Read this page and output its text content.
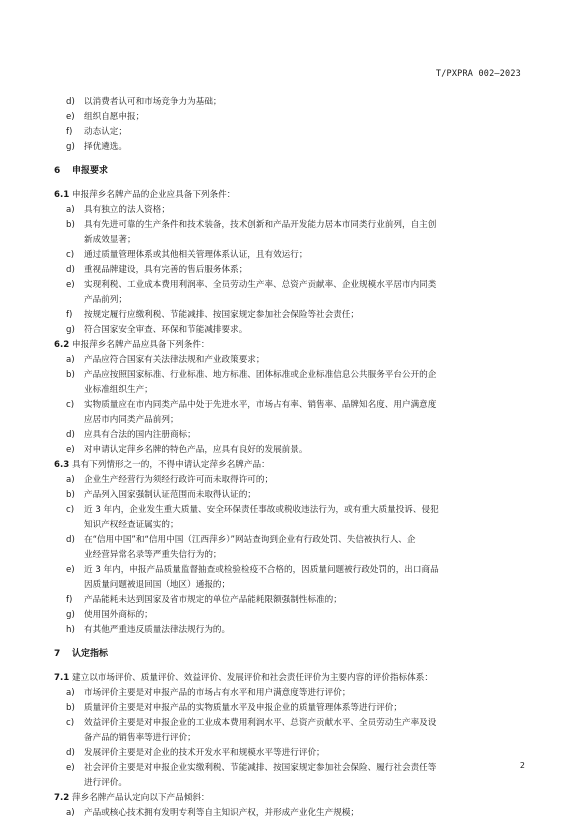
T/PXPRA 002—2023
d)	以消费者认可和市场竞争力为基础；
e)	组织自愿申报；
f)	动态认定；
g)	择优遴选。
6 申报要求
6.1 申报萍乡名牌产品的企业应具备下列条件：
a)	具有独立的法人资格；
b)	具有先进可靠的生产条件和技术装备，技术创新和产品开发能力居本市同类行业前列，自主创
新成效显著；
c)	通过质量管理体系或其他相关管理体系认证，且有效运行；
d)	重视品牌建设，具有完善的售后服务体系；
e)	实现利税、工业成本费用利润率、全员劳动生产率、总资产贡献率、企业规模水平居市内同类
产品前列；
f)	按规定履行应缴利税、节能减排、按国家规定参加社会保险等社会责任；
g)	符合国家安全审查、环保和节能减排要求。
6.2 申报萍乡名牌产品应具备下列条件：
a)	产品应符合国家有关法律法规和产业政策要求；
b)	产品应按照国家标准、行业标准、地方标准、团体标准或企业标准信息公共服务平台公开的企
业标准组织生产；
c)	实物质量应在市内同类产品中处于先进水平，市场占有率、销售率、品牌知名度、用户满意度
应居市内同类产品前列；
d)	应具有合法的国内注册商标；
e)	对申请认定萍乡名牌的特色产品，应具有良好的发展前景。
6.3 具有下列情形之一的，不得申请认定萍乡名牌产品：
a)	企业生产经营行为须经行政许可而未取得许可的；
b)	产品列入国家强制认证范围而未取得认证的；
c)	近 3 年内，企业发生重大质量、安全环保责任事故或税收违法行为，或有重大质量投诉、侵犯
知识产权经查证属实的；
d)	在“信用中国”和“信用中国（江西萍乡）”网站查询到企业有行政处罚、失信被执行人、企
业经营异常名录等严重失信行为的；
e)	近 3 年内，申报产品质量监督抽查或检验检疫不合格的，因质量问题被行政处罚的，出口商品
因质量问题被退回国（地区）通报的；
f)	产品能耗未达到国家及省市规定的单位产品能耗限额强制性标准的；
g)	使用国外商标的；
h)	有其他严重违反质量法律法规行为的。
7 认定指标
7.1 建立以市场评价、质量评价、效益评价、发展评价和社会责任评价为主要内容的评价指标体系：
a)	市场评价主要是对申报产品的市场占有水平和用户满意度等进行评价；
b)	质量评价主要是对申报产品的实物质量水平及申报企业的质量管理体系等进行评价；
c)	效益评价主要是对申报企业的工业成本费用利润水平、总资产贡献水平、全员劳动生产率及设
备产品的销售率等进行评价；
d)	发展评价主要是对企业的技术开发水平和规模水平等进行评价；
e)	社会评价主要是对申报企业实缴利税、节能减排、按国家规定参加社会保险、履行社会责任等
进行评价。
7.2 萍乡名牌产品认定向以下产品倾斜：
a)	产品或核心技术拥有发明专利等自主知识产权，并形成产业化生产规模；
2
